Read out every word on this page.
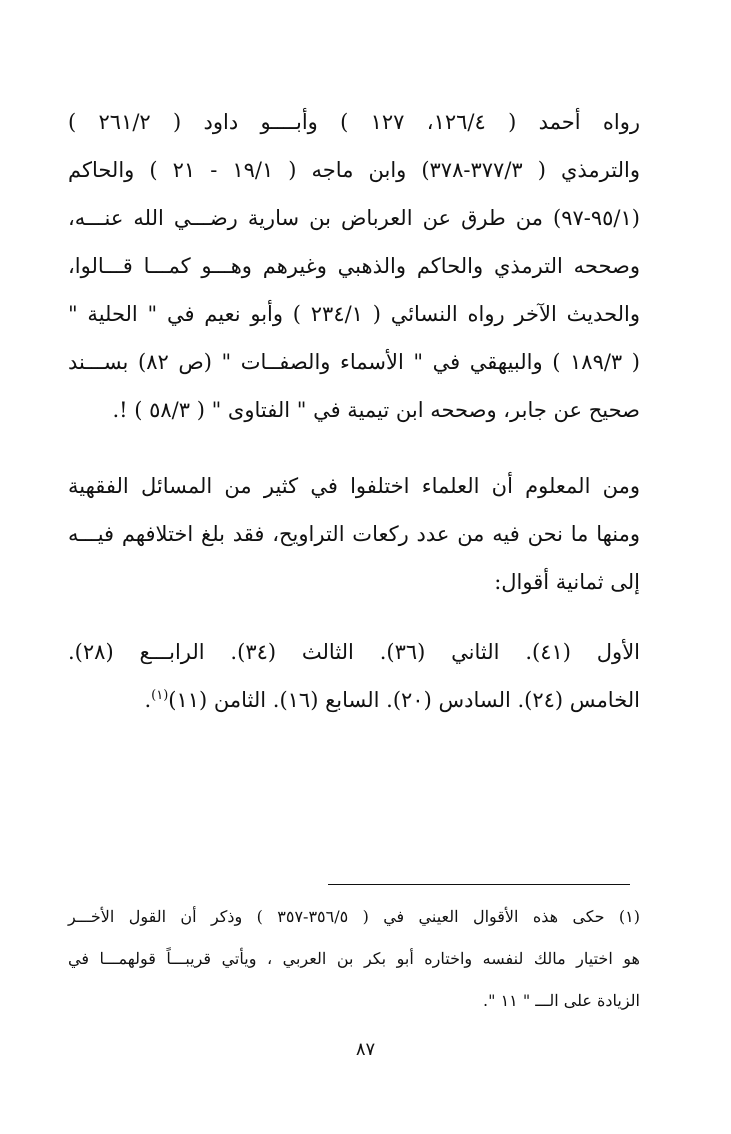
رواه أحمد ( ١٢٦/٤، ١٢٧ ) وأبــــو داود ( ٢٦١/٢ )
والترمذي ( ٣٧٧/٣-٣٧٨) وابن ماجه ( ١٩/١ - ٢١ ) والحاكم
(٩٥/١-٩٧) من طرق عن العرباض بن سارية رضـــي الله عنـــه،
وصححه الترمذي والحاكم والذهبي وغيرهم وهـــو كمـــا قـــالوا،
والحديث الآخر رواه النسائي ( ٢٣٤/١ ) وأبو نعيم في " الحلية "
( ١٨٩/٣ ) والبيهقي في " الأسماء والصفــات " (ص ٨٢) بســـند
صحيح عن جابر، وصححه ابن تيمية في " الفتاوى " ( ٥٨/٣ ) !.
ومن المعلوم أن العلماء اختلفوا في كثير من المسائل الفقهية
ومنها ما نحن فيه من عدد ركعات التراويح، فقد بلغ اختلافهم فيـــه
إلى ثمانية أقوال:
الأول (٤١). الثاني (٣٦). الثالث (٣٤). الرابـــع (٢٨).
الخامس (٢٤). السادس (٢٠). السابع (١٦). الثامن (١١)$^{(١)}$.
(١) حكى هذه الأقوال العيني في ( ٣٥٦/٥-٣٥٧ ) وذكر أن القول الأخـــر
هو اختيار مالك لنفسه واختاره أبو بكر بن العربي ، ويأتي قريبـــاً قولهمـــا في
الزيادة على الـــ " ١١ ".
٨٧
